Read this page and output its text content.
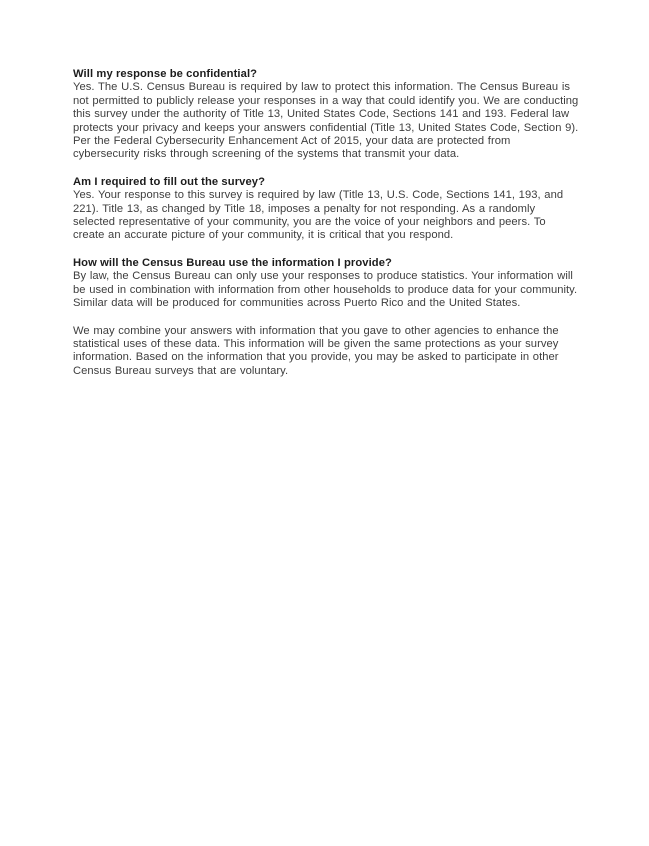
Will my response be confidential?

Yes. The U.S. Census Bureau is required by law to protect this information. The Census Bureau is not permitted to publicly release your responses in a way that could identify you. We are conducting this survey under the authority of Title 13, United States Code, Sections 141 and 193. Federal law protects your privacy and keeps your answers confidential (Title 13, United States Code, Section 9). Per the Federal Cybersecurity Enhancement Act of 2015, your data are protected from cybersecurity risks through screening of the systems that transmit your data.

Am I required to fill out the survey?

Yes. Your response to this survey is required by law (Title 13, U.S. Code, Sections 141, 193, and 221). Title 13, as changed by Title 18, imposes a penalty for not responding. As a randomly selected representative of your community, you are the voice of your neighbors and peers. To create an accurate picture of your community, it is critical that you respond.

How will the Census Bureau use the information I provide?

By law, the Census Bureau can only use your responses to produce statistics. Your information will be used in combination with information from other households to produce data for your community. Similar data will be produced for communities across Puerto Rico and the United States.

We may combine your answers with information that you gave to other agencies to enhance the statistical uses of these data. This information will be given the same protections as your survey information. Based on the information that you provide, you may be asked to participate in other Census Bureau surveys that are voluntary.
